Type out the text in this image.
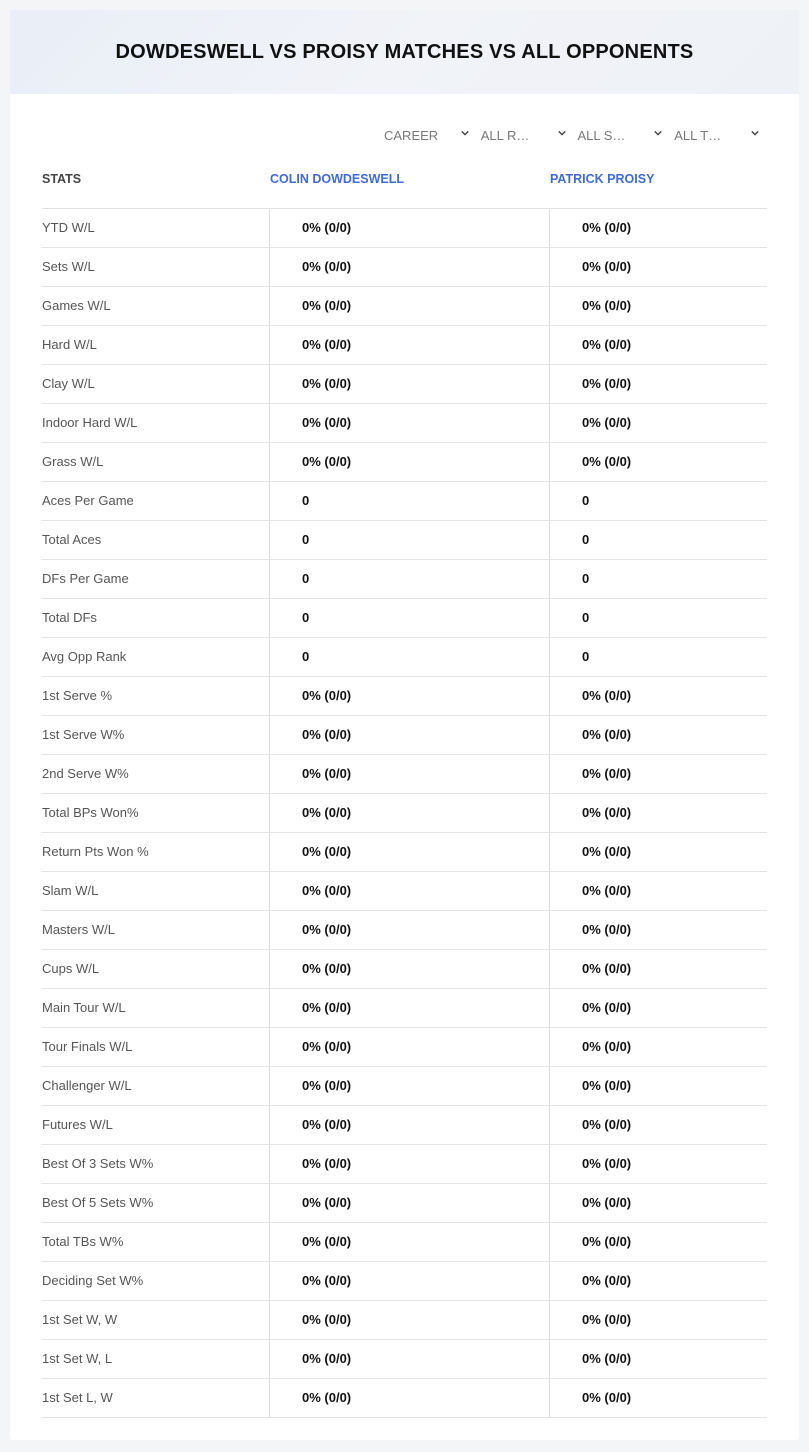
DOWDESWELL VS PROISY MATCHES VS ALL OPPONENTS
CAREER	ALL R…	ALL S…	ALL T…
STATS	COLIN DOWDESWELL	PATRICK PROISY
YTD W/L	0% (0/0)	0% (0/0)
Sets W/L	0% (0/0)	0% (0/0)
Games W/L	0% (0/0)	0% (0/0)
Hard W/L	0% (0/0)	0% (0/0)
Clay W/L	0% (0/0)	0% (0/0)
Indoor Hard W/L	0% (0/0)	0% (0/0)
Grass W/L	0% (0/0)	0% (0/0)
Aces Per Game	0	0
Total Aces	0	0
DFs Per Game	0	0
Total DFs	0	0
Avg Opp Rank	0	0
1st Serve %	0% (0/0)	0% (0/0)
1st Serve W%	0% (0/0)	0% (0/0)
2nd Serve W%	0% (0/0)	0% (0/0)
Total BPs Won%	0% (0/0)	0% (0/0)
Return Pts Won %	0% (0/0)	0% (0/0)
Slam W/L	0% (0/0)	0% (0/0)
Masters W/L	0% (0/0)	0% (0/0)
Cups W/L	0% (0/0)	0% (0/0)
Main Tour W/L	0% (0/0)	0% (0/0)
Tour Finals W/L	0% (0/0)	0% (0/0)
Challenger W/L	0% (0/0)	0% (0/0)
Futures W/L	0% (0/0)	0% (0/0)
Best Of 3 Sets W%	0% (0/0)	0% (0/0)
Best Of 5 Sets W%	0% (0/0)	0% (0/0)
Total TBs W%	0% (0/0)	0% (0/0)
Deciding Set W%	0% (0/0)	0% (0/0)
1st Set W, W	0% (0/0)	0% (0/0)
1st Set W, L	0% (0/0)	0% (0/0)
1st Set L, W	0% (0/0)	0% (0/0)
